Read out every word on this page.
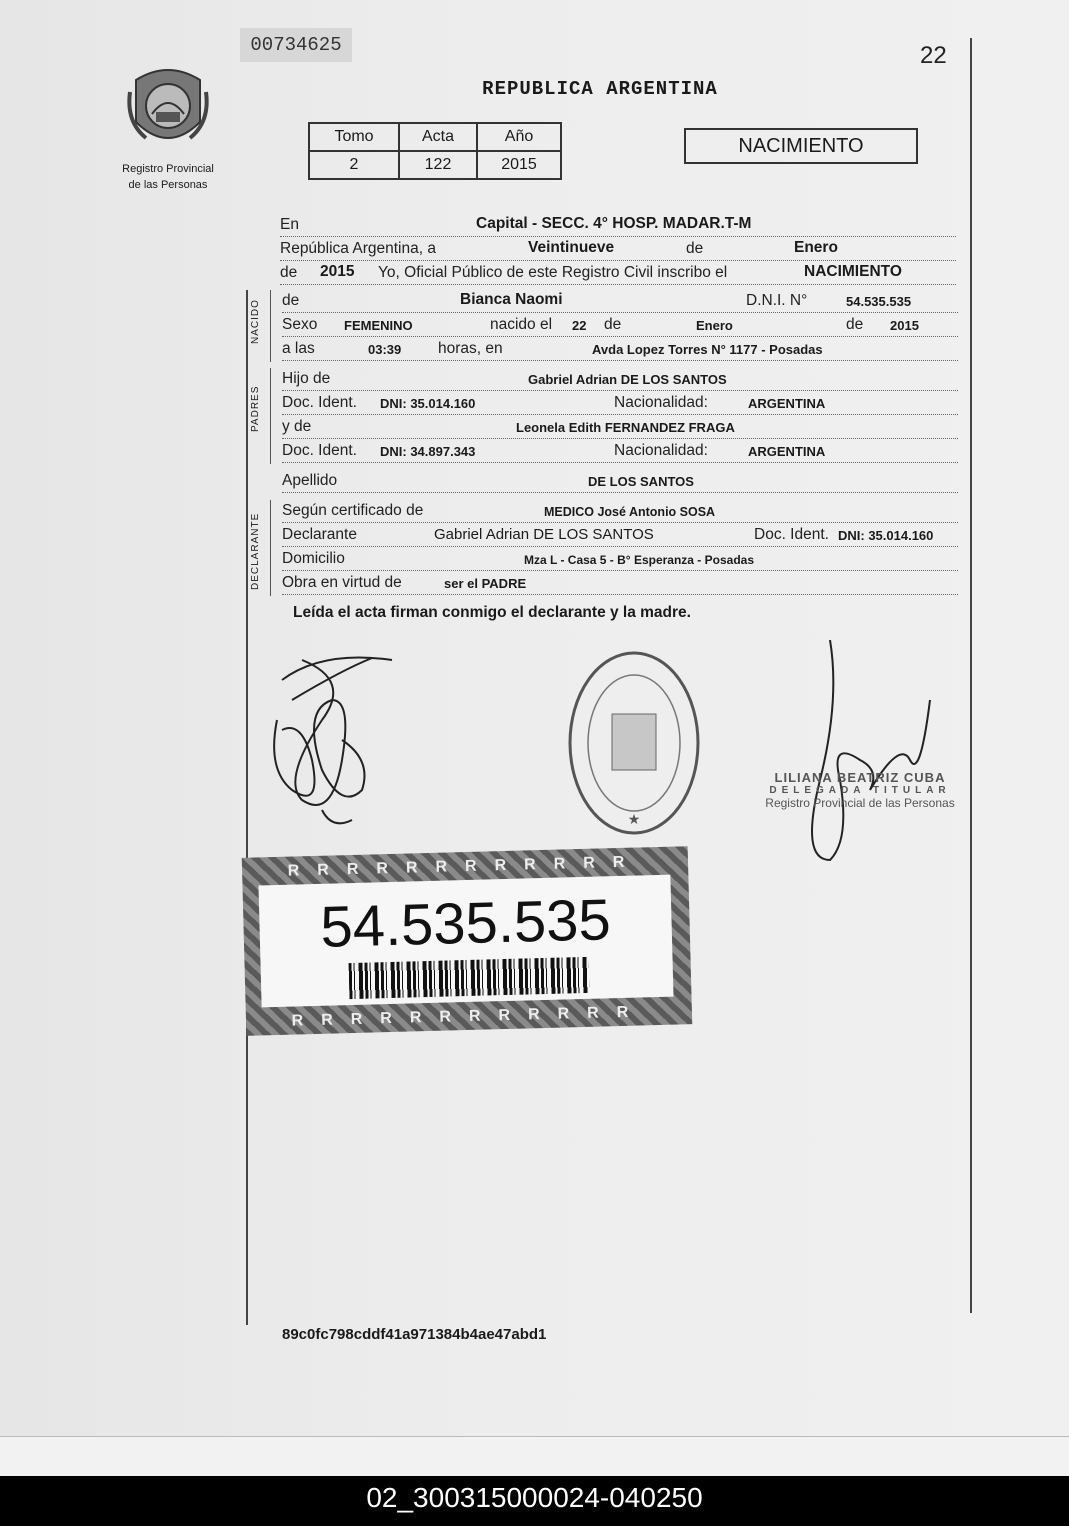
00734625	22
Registro Provincial
de las Personas
REPUBLICA ARGENTINA
Tomo	Acta	Año
2	122	2015
NACIMIENTO
En	Capital - SECC. 4° HOSP. MADAR.T-M
República Argentina, a	Veintinueve	de	Enero
de 2015 Yo, Oficial Público de este Registro Civil inscribo el	NACIMIENTO
NACIDO de	Bianca Naomi	D.N.I. N°	54.535.535
Sexo FEMENINO	nacido el 22 de	Enero	de 2015
a las	03:39 horas, en	Avda Lopez Torres N° 1177 - Posadas
PADRES
Hijo de	Gabriel Adrian DE LOS SANTOS
Doc. Ident. DNI: 35.014.160	Nacionalidad:	ARGENTINA
y de	Leonela Edith FERNANDEZ FRAGA
Doc. Ident. DNI: 34.897.343	Nacionalidad:	ARGENTINA
Apellido	DE LOS SANTOS
DECLARANTE
Según certificado de	MEDICO José Antonio SOSA
Declarante	Gabriel Adrian DE LOS SANTOS	Doc. Ident. DNI: 35.014.160
Domicilio	Mza L - Casa 5 - B° Esperanza - Posadas
Obra en virtud de	ser el PADRE
Leída el acta firman conmigo el declarante y la madre.
★
LILIANA BEATRIZ CUBA
DELEGADA TITULAR
Registro Provincial de las Personas
RRRRRRRRRRRR
54.535.535
RRRRRRRRRRRR
89c0fc798cddf41a971384b4ae47abd1
02_300315000024-040250
